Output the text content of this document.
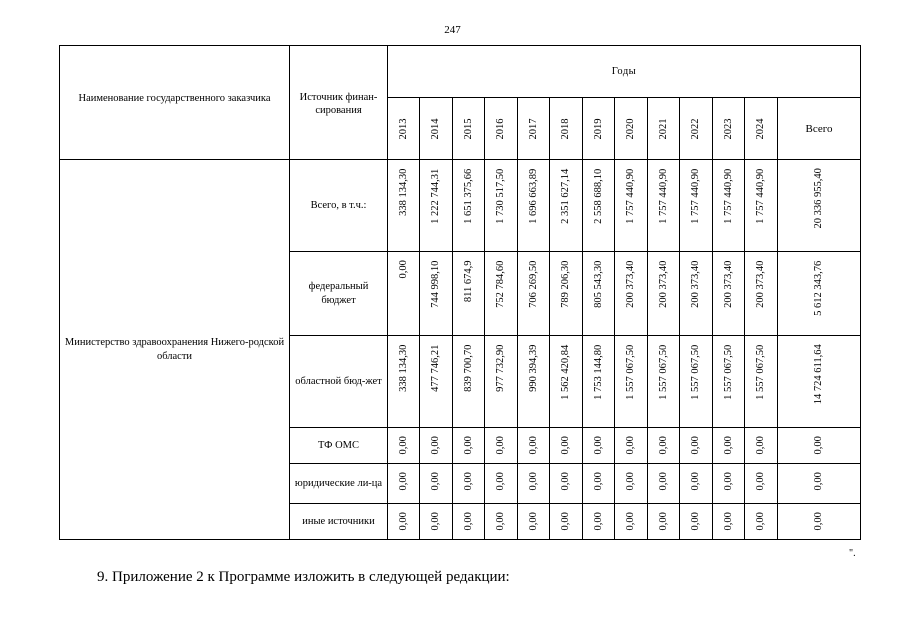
247
Наименование государственного заказчика	Источник финан-сирования	Годы												

		2013	2014	2015	2016	2017	2018	2019	2020	2021	2022	2023	2024	Всего
Министерство здравоохранения Нижего-родской области	Всего, в т.ч.:	338 134,30	1 222 744,31	1 651 375,66	1 730 517,50	1 696 663,89	2 351 627,14	2 558 688,10	1 757 440,90	1 757 440,90	1 757 440,90	1 757 440,90	1 757 440,90	20 336 955,40

	федеральный бюджет	0,00	744 998,10	811 674,9	752 784,60	706 269,50	789 206,30	805 543,30	200 373,40	200 373,40	200 373,40	200 373,40	200 373,40	5 612 343,76

	областной бюд-жет	338 134,30	477 746,21	839 700,70	977 732,90	990 394,39	1 562 420,84	1 753 144,80	1 557 067,50	1 557 067,50	1 557 067,50	1 557 067,50	1 557 067,50	14 724 611,64

	ТФ ОМС	0,00	0,00	0,00	0,00	0,00	0,00	0,00	0,00	0,00	0,00	0,00	0,00	0,00

	юридические ли-ца	0,00	0,00	0,00	0,00	0,00	0,00	0,00	0,00	0,00	0,00	0,00	0,00	0,00

	иные источники	0,00	0,00	0,00	0,00	0,00	0,00	0,00	0,00	0,00	0,00	0,00	0,00	0,00
".
9. Приложение 2 к Программе изложить в следующей редакции:
